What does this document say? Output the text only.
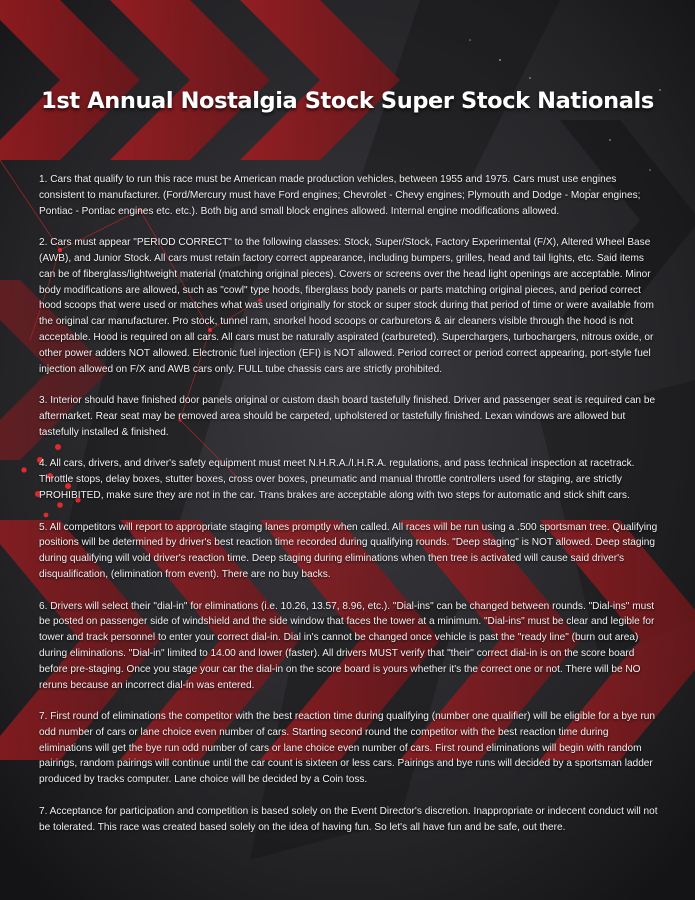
1st Annual Nostalgia Stock Super Stock Nationals

1. Cars that qualify to run this race must be American made production vehicles, between 1955 and 1975. Cars must use engines consistent to manufacturer. (Ford/Mercury must have Ford engines; Chevrolet - Chevy engines; Plymouth and Dodge - Mopar engines; Pontiac - Pontiac engines etc. etc.). Both big and small block engines allowed. Internal engine modifications allowed.

2. Cars must appear "PERIOD CORRECT" to the following classes: Stock, Super/Stock, Factory Experimental (F/X), Altered Wheel Base (AWB), and Junior Stock. All cars must retain factory correct appearance, including bumpers, grilles, head and tail lights, etc. Said items can be of fiberglass/lightweight material (matching original pieces). Covers or screens over the head light openings are acceptable. Minor body modifications are allowed, such as "cowl" type hoods, fiberglass body panels or parts matching original pieces, and period correct hood scoops that were used or matches what was used originally for stock or super stock during that period of time or were available from the original car manufacturer. Pro stock, tunnel ram, snorkel hood scoops or carburetors & air cleaners visible through the hood is not acceptable. Hood is required on all cars. All cars must be naturally aspirated (carbureted). Superchargers, turbochargers, nitrous oxide, or other power adders NOT allowed. Electronic fuel injection (EFI) is NOT allowed. Period correct or period correct appearing, port-style fuel injection allowed on F/X and AWB cars only. FULL tube chassis cars are strictly prohibited.

3. Interior should have finished door panels original or custom dash board tastefully finished. Driver and passenger seat is required can be aftermarket. Rear seat may be removed area should be carpeted, upholstered or tastefully finished. Lexan windows are allowed but tastefully installed & finished.

4. All cars, drivers, and driver's safety equipment must meet N.H.R.A./I.H.R.A. regulations, and pass technical inspection at racetrack. Throttle stops, delay boxes, stutter boxes, cross over boxes, pneumatic and manual throttle controllers used for staging, are strictly PROHIBITED, make sure they are not in the car. Trans brakes are acceptable along with two steps for automatic and stick shift cars.

5. All competitors will report to appropriate staging lanes promptly when called. All races will be run using a .500 sportsman tree. Qualifying positions will be determined by driver's best reaction time recorded during qualifying rounds. "Deep staging" is NOT allowed. Deep staging during qualifying will void driver's reaction time. Deep staging during eliminations when then tree is activated will cause said driver's disqualification, (elimination from event). There are no buy backs.

6. Drivers will select their "dial-in" for eliminations (i.e. 10.26, 13.57, 8.96, etc.). "Dial-ins" can be changed between rounds. "Dial-ins" must be posted on passenger side of windshield and the side window that faces the tower at a minimum. "Dial-ins" must be clear and legible for tower and track personnel to enter your correct dial-in. Dial in's cannot be changed once vehicle is past the "ready line" (burn out area) during eliminations. "Dial-in" limited to 14.00 and lower (faster). All drivers MUST verify that "their" correct dial-in is on the score board before pre-staging. Once you stage your car the dial-in on the score board is yours whether it's the correct one or not. There will be NO reruns because an incorrect dial-in was entered.

7. First round of eliminations the competitor with the best reaction time during qualifying (number one qualifier) will be eligible for a bye run odd number of cars or lane choice even number of cars. Starting second round the competitor with the best reaction time during eliminations will get the bye run odd number of cars or lane choice even number of cars. First round eliminations will begin with random pairings, random pairings will continue until the car count is sixteen or less cars. Pairings and bye runs will decided by a sportsman ladder produced by tracks computer. Lane choice will be decided by a Coin toss.

7. Acceptance for participation and competition is based solely on the Event Director's discretion. Inappropriate or indecent conduct will not be tolerated. This race was created based solely on the idea of having fun. So let's all have fun and be safe, out there.
